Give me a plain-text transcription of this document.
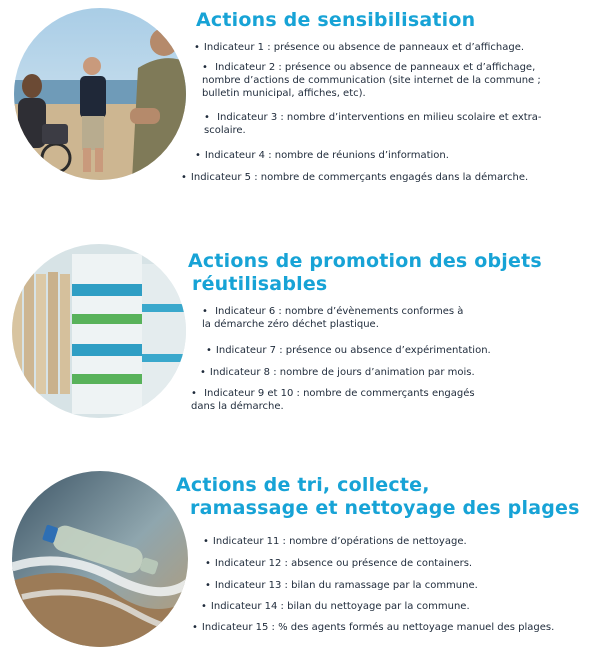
Actions de sensibilisation
• Indicateur 1 : présence ou absence de panneaux et d’affichage.
• Indicateur 2 : présence ou absence de panneaux et d’affichage,
nombre d’actions de communication (site internet de la commune ;
bulletin municipal, affiches, etc).
• Indicateur 3 : nombre d’interventions en milieu scolaire et extra-
scolaire.
• Indicateur 4 : nombre de réunions d’information.
• Indicateur 5 : nombre de commerçants engagés dans la démarche.
Actions de promotion des objets
réutilisables
• Indicateur 6 : nombre d’évènements conformes à
la démarche zéro déchet plastique.
• Indicateur 7 : présence ou absence d’expérimentation.
• Indicateur 8 : nombre de jours d’animation par mois.
• Indicateur 9 et 10 : nombre de commerçants engagés
dans la démarche.
Actions de tri, collecte,
ramassage et nettoyage des plages
• Indicateur 11 : nombre d’opérations de nettoyage.
• Indicateur 12 : absence ou présence de containers.
• Indicateur 13 : bilan du ramassage par la commune.
• Indicateur 14 : bilan du nettoyage par la commune.
• Indicateur 15 : % des agents formés au nettoyage manuel des plages.
